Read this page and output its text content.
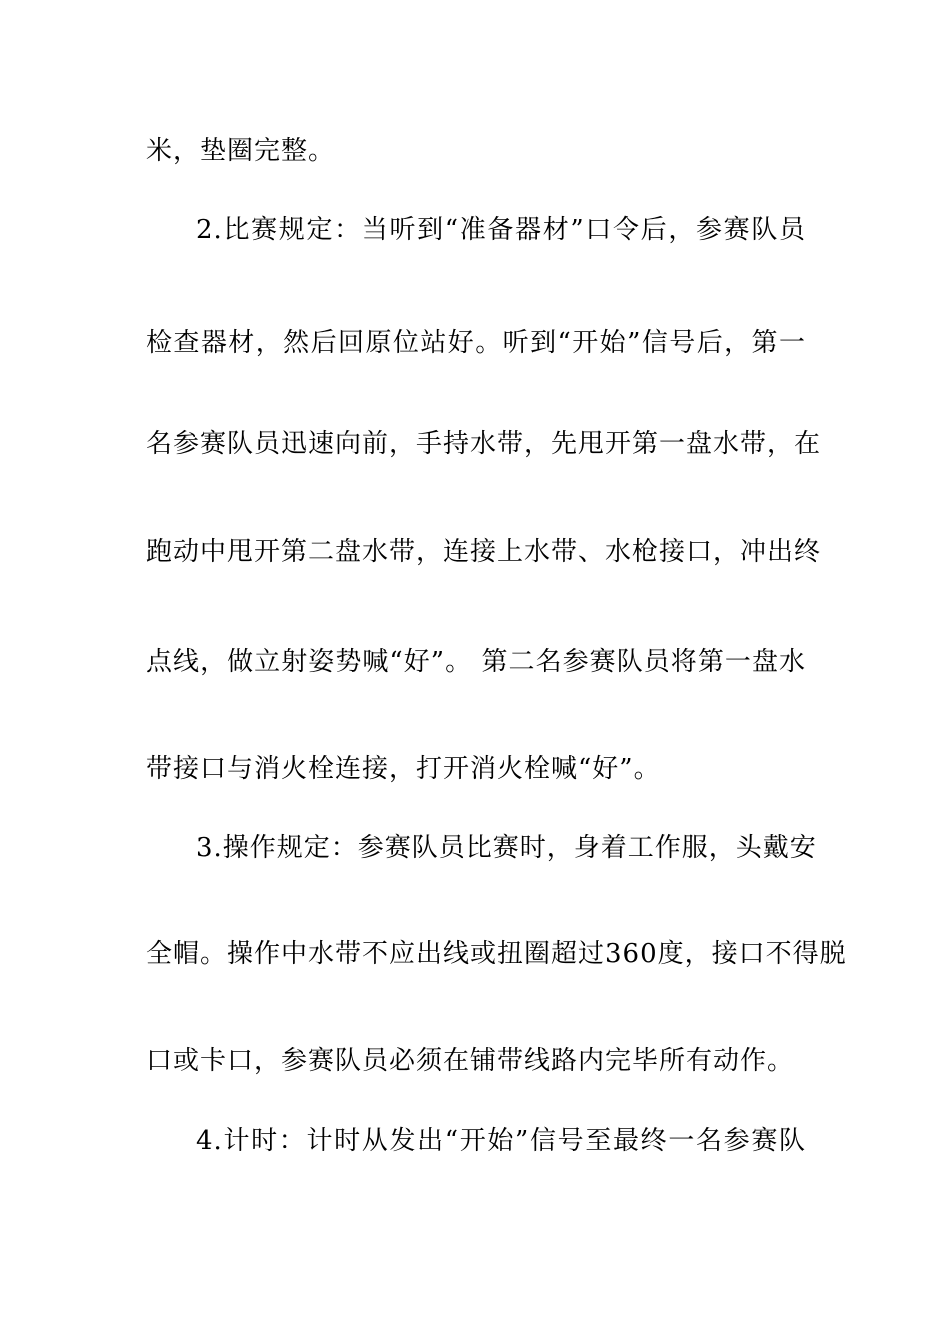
米，垫圈完整。
2.比赛规定：当听到“准备器材”口令后，参赛队员
检查器材，然后回原位站好。听到“开始”信号后，第一
名参赛队员迅速向前，手持水带，先甩开第一盘水带，在
跑动中甩开第二盘水带，连接上水带、水枪接口，冲出终
点线，做立射姿势喊“好”。 第二名参赛队员将第一盘水
带接口与消火栓连接，打开消火栓喊“好”。
3.操作规定：参赛队员比赛时，身着工作服，头戴安
全帽。操作中水带不应出线或扭圈超过360度，接口不得脱
口或卡口，参赛队员必须在铺带线路内完毕所有动作。
4.计时：计时从发出“开始”信号至最终一名参赛队
